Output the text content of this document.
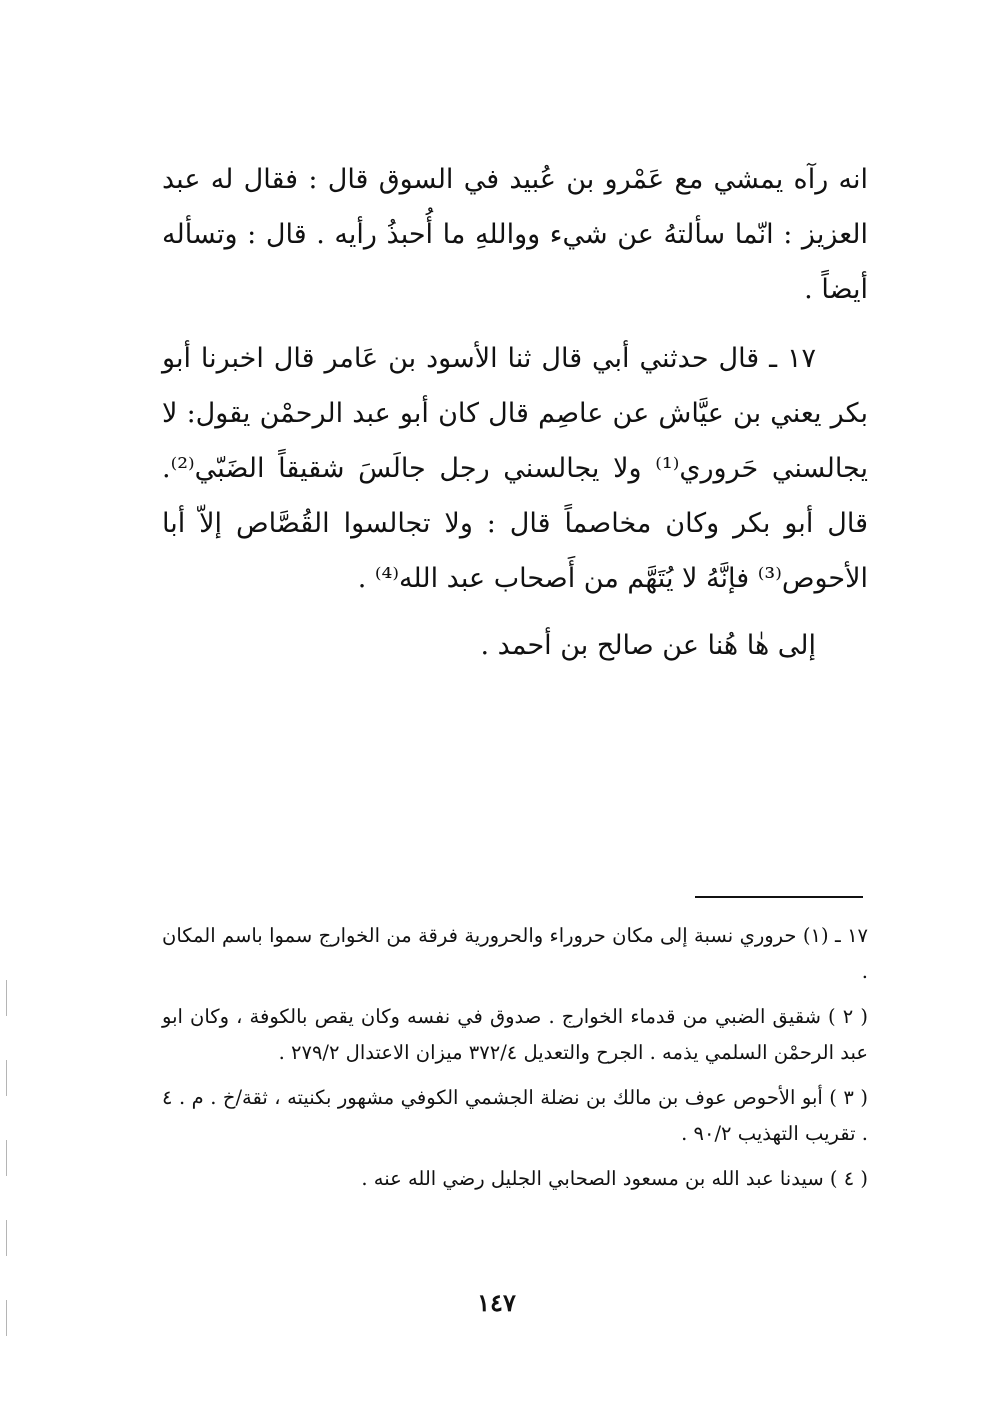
انه رآه يمشي مع عَمْرو بن عُبيد في السوق قال : فقال له عبد العزيز : انّما سألتهُ عن شيء وواللهِ ما أُحبذُ رأيه . قال : وتسأله أيضاً .

١٧ ـ قال حدثني أبي قال ثنا الأسود بن عَامر قال اخبرنا أبو بكر يعني بن عيَّاش عن عاصِم قال كان أبو عبد الرحمْن يقول: لا يجالسني حَروري⁽¹⁾ ولا يجالسني رجل جالَسَ شقيقاً الضَبّي⁽²⁾. قال أبو بكر وكان مخاصماً قال : ولا تجالسوا القُصَّاص إلاّ أبا الأحوص⁽³⁾ فإنَّهُ لا يُتَهَّم من أَصحاب عبد الله⁽⁴⁾ .

إلى هٰا هُنا عن صالح بن أحمد .

١٧ ـ (١) حروري نسبة إلى مكان حروراء والحرورية فرقة من الخوارج سموا باسم المكان .

( ٢ ) شقيق الضبي من قدماء الخوارج . صدوق في نفسه وكان يقص بالكوفة ، وكان ابو عبد الرحمْن السلمي يذمه . الجرح والتعديل ٣٧٢/٤ ميزان الاعتدال ٢٧٩/٢ .

( ٣ ) أبو الأحوص عوف بن مالك بن نضلة الجشمي الكوفي مشهور بكنيته ، ثقة/خ . م . ٤ . تقريب التهذيب ٩٠/٢ .

( ٤ ) سيدنا عبد الله بن مسعود الصحابي الجليل رضي الله عنه .

١٤٧
